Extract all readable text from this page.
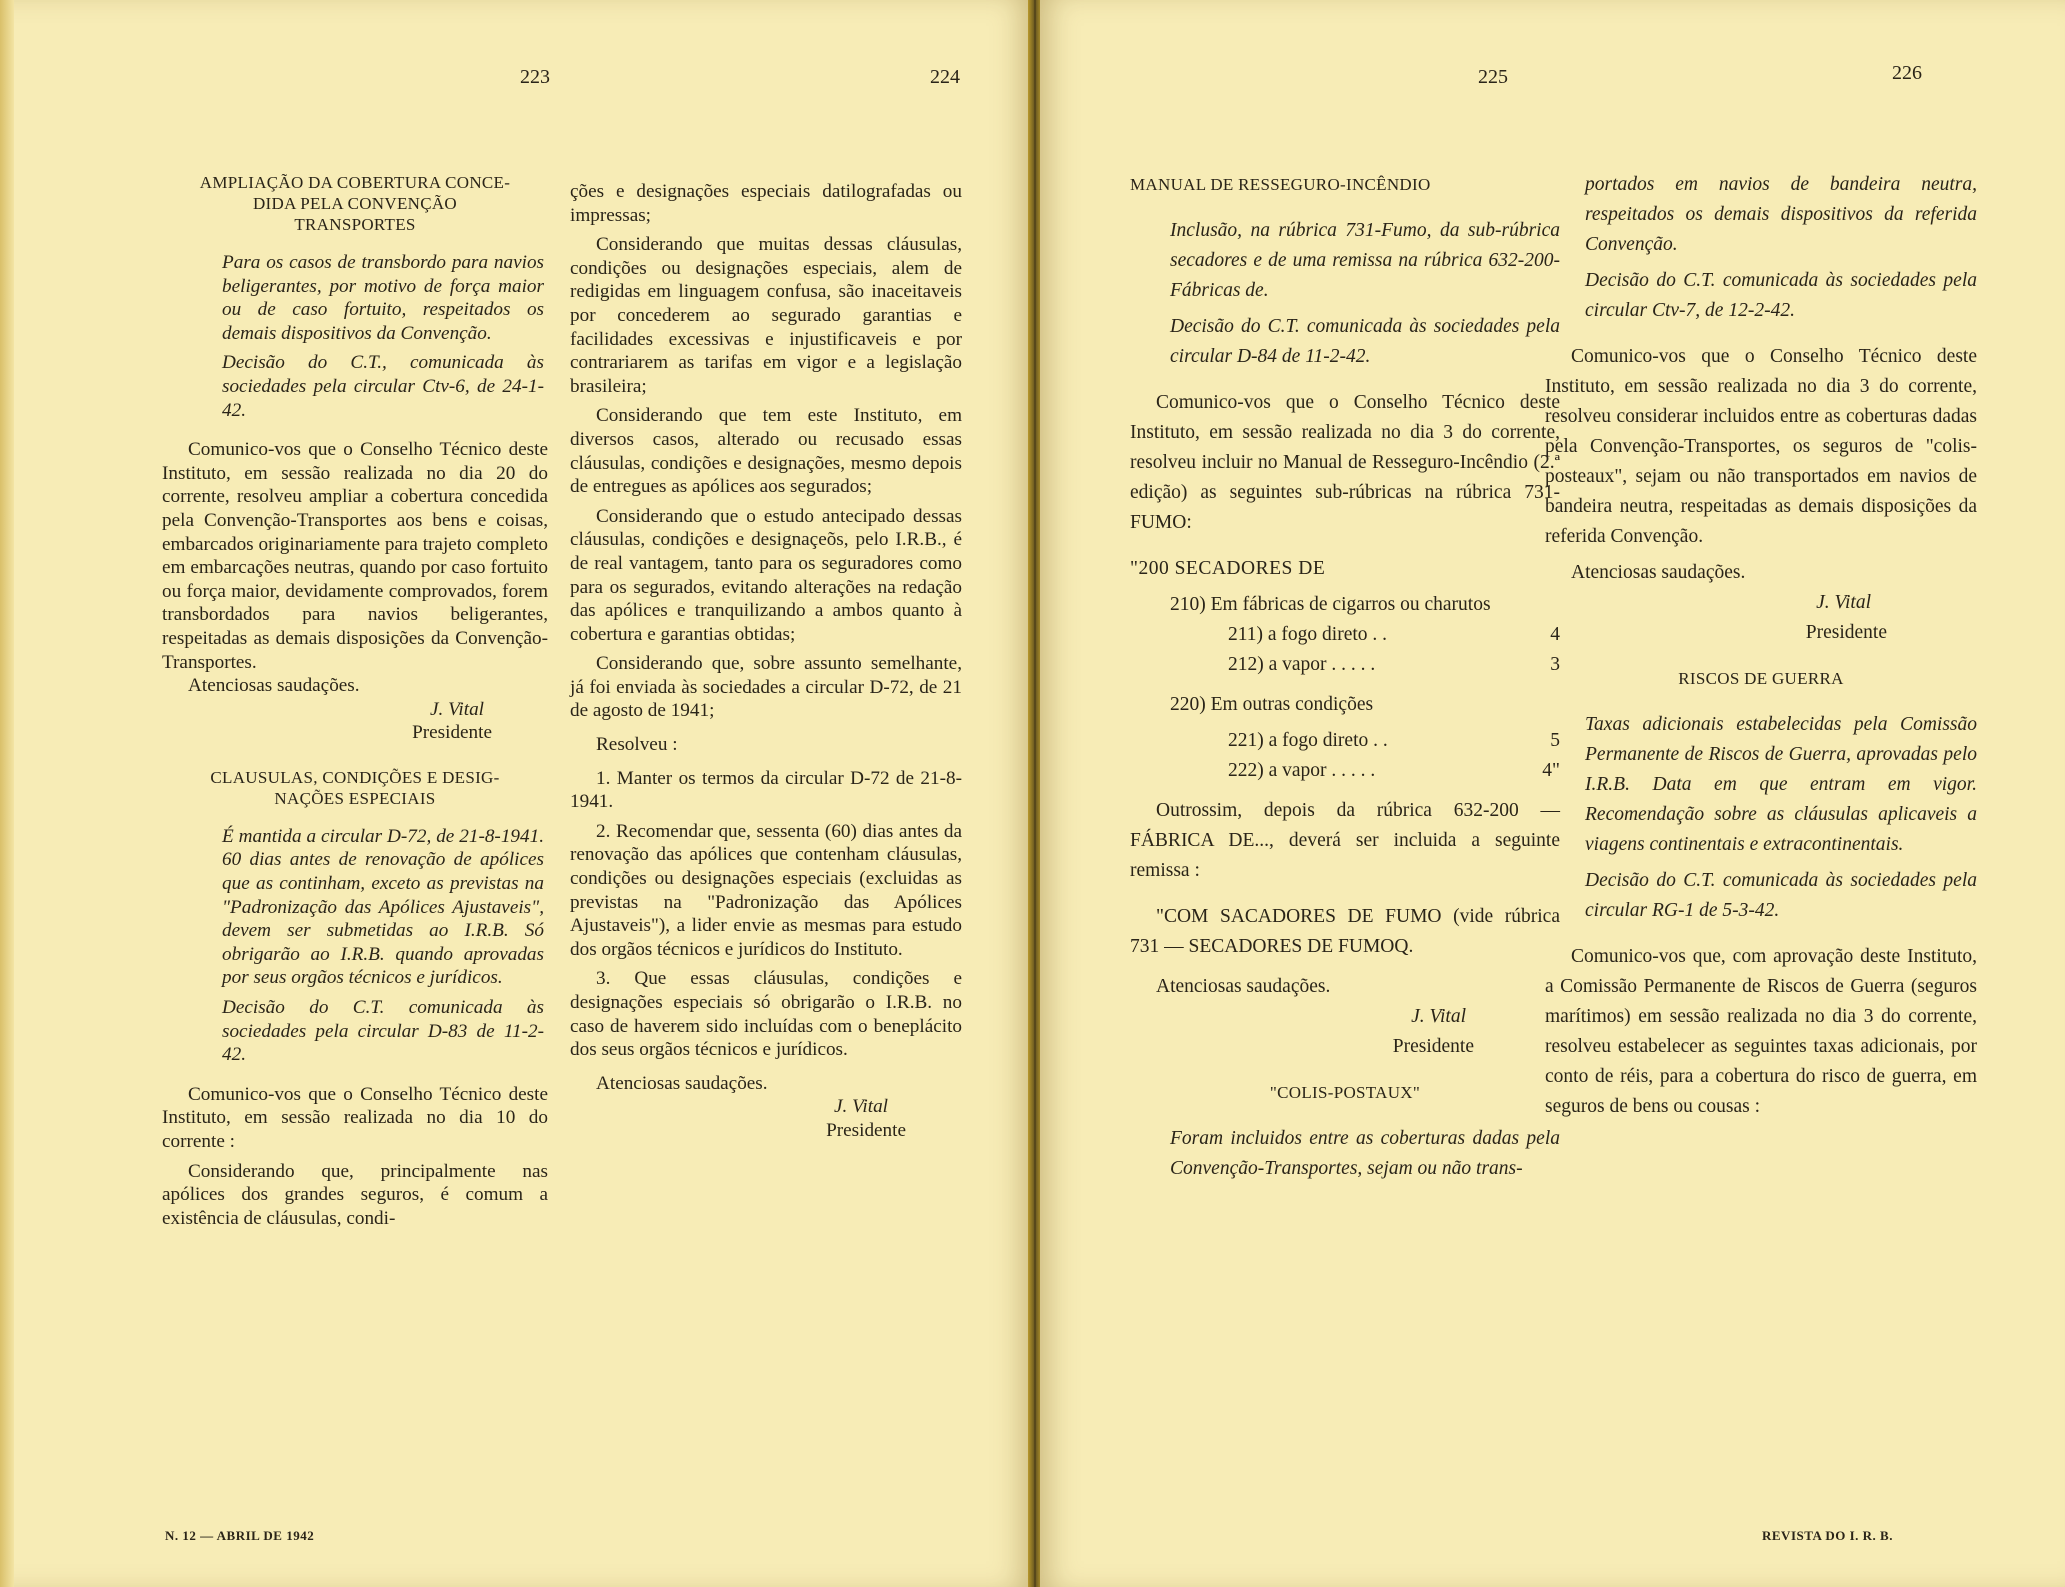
223	224

AMPLIAÇÃO DA COBERTURA CONCE-

DIDA PELA CONVENÇÃO

TRANSPORTES

Para os casos de transbordo para navios beligerantes, por motivo de força maior ou de caso fortuito, respeitados os demais dispositivos da Convenção.

Decisão do C.T., comunicada às sociedades pela circular Ctv-6, de 24-1-42.

Comunico-vos que o Conselho Técnico deste Instituto, em sessão realizada no dia 20 do corrente, resolveu ampliar a cobertura concedida pela Convenção-Transportes aos bens e coisas, embarcados originariamente para trajeto completo em embarcações neutras, quando por caso fortuito ou força maior, devidamente comprovados, forem transbordados para navios beligerantes, respeitadas as demais disposições da Convenção-Transportes.

Atenciosas saudações.

J. Vital

Presidente

CLAUSULAS, CONDIÇÕES E DESIG-

NAÇÕES ESPECIAIS

É mantida a circular D-72, de 21-8-1941. 60 dias antes de renovação de apólices que as continham, exceto as previstas na "Padronização das Apólices Ajustaveis", devem ser submetidas ao I.R.B. Só obrigarão ao I.R.B. quando aprovadas por seus orgãos técnicos e jurídicos.

Decisão do C.T. comunicada às sociedades pela circular D-83 de 11-2-42.

Comunico-vos que o Conselho Técnico deste Instituto, em sessão realizada no dia 10 do corrente :

Considerando que, principalmente nas apólices dos grandes seguros, é comum a existência de cláusulas, condi-

ções e designações especiais datilografadas ou impressas;

Considerando que muitas dessas cláusulas, condições ou designações especiais, alem de redigidas em linguagem confusa, são inaceitaveis por concederem ao segurado garantias e facilidades excessivas e injustificaveis e por contrariarem as tarifas em vigor e a legislação brasileira;

Considerando que tem este Instituto, em diversos casos, alterado ou recusado essas cláusulas, condições e designações, mesmo depois de entregues as apólices aos segurados;

Considerando que o estudo antecipado dessas cláusulas, condições e designaçeõs, pelo I.R.B., é de real vantagem, tanto para os seguradores como para os segurados, evitando alterações na redação das apólices e tranquilizando a ambos quanto à cobertura e garantias obtidas;

Considerando que, sobre assunto semelhante, já foi enviada às sociedades a circular D-72, de 21 de agosto de 1941;

Resolveu :

1. Manter os termos da circular D-72 de 21-8-1941.

2. Recomendar que, sessenta (60) dias antes da renovação das apólices que contenham cláusulas, condições ou designações especiais (excluidas as previstas na "Padronização das Apólices Ajustaveis"), a lider envie as mesmas para estudo dos orgãos técnicos e jurídicos do Instituto.

3. Que essas cláusulas, condições e designações especiais só obrigarão o I.R.B. no caso de haverem sido incluídas com o beneplácito dos seus orgãos técnicos e jurídicos.

Atenciosas saudações.

J. Vital

Presidente

N. 12 — ABRIL DE 1942
225	226

MANUAL DE RESSEGURO-INCÊNDIO

Inclusão, na rúbrica 731-Fumo, da sub-rúbrica secadores e de uma remissa na rúbrica 632-200-Fábricas de.

Decisão do C.T. comunicada às sociedades pela circular D-84 de 11-2-42.

Comunico-vos que o Conselho Técnico deste Instituto, em sessão realizada no dia 3 do corrente, resolveu incluir no Manual de Resseguro-Incêndio (2.ª edição) as seguintes sub-rúbricas na rúbrica 731-FUMO:

"200 SECADORES DE

210) Em fábricas de cigarros ou charutos

211) a fogo direto . .	4
212) a vapor . . . . .	3

220) Em outras condições

221) a fogo direto . .	5
222) a vapor . . . . .	4"

Outrossim, depois da rúbrica 632-200 — FÁBRICA DE..., deverá ser incluida a seguinte remissa :

"COM SACADORES DE FUMO (vide rúbrica 731 — SECADORES DE FUMOQ.

Atenciosas saudações.

J. Vital

Presidente

"COLIS-POSTAUX"

Foram incluidos entre as coberturas dadas pela Convenção-Transportes, sejam ou não trans-

portados em navios de bandeira neutra, respeitados os demais dispositivos da referida Convenção.

Decisão do C.T. comunicada às sociedades pela circular Ctv-7, de 12-2-42.

Comunico-vos que o Conselho Técnico deste Instituto, em sessão realizada no dia 3 do corrente, resolveu considerar incluidos entre as coberturas dadas pela Convenção-Transportes, os seguros de "colis-posteaux", sejam ou não transportados em navios de bandeira neutra, respeitadas as demais disposições da referida Convenção.

Atenciosas saudações.

J. Vital

Presidente

RISCOS DE GUERRA

Taxas adicionais estabelecidas pela Comissão Permanente de Riscos de Guerra, aprovadas pelo I.R.B. Data em que entram em vigor. Recomendação sobre as cláusulas aplicaveis a viagens continentais e extracontinentais.

Decisão do C.T. comunicada às sociedades pela circular RG-1 de 5-3-42.

Comunico-vos que, com aprovação deste Instituto, a Comissão Permanente de Riscos de Guerra (seguros marítimos) em sessão realizada no dia 3 do corrente, resolveu estabelecer as seguintes taxas adicionais, por conto de réis, para a cobertura do risco de guerra, em seguros de bens ou cousas :

REVISTA DO I. R. B.
